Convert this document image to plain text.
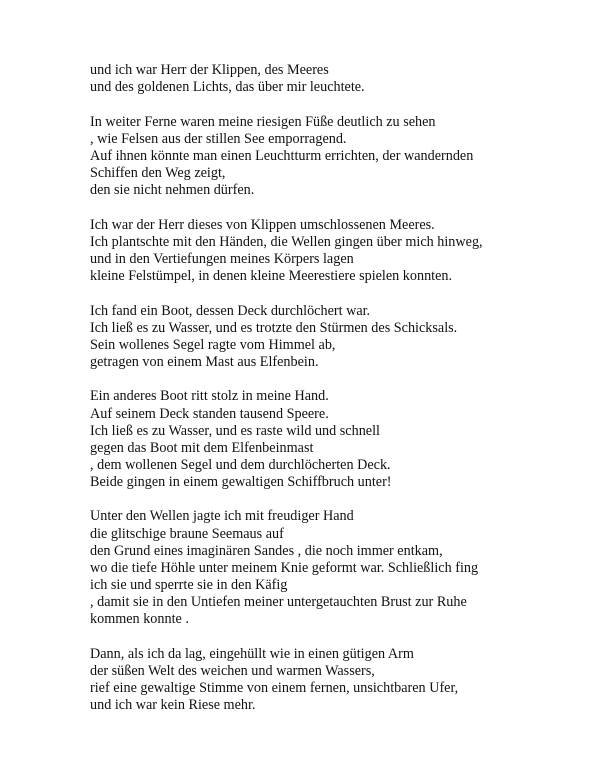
und ich war Herr der Klippen, des Meeres
und des goldenen Lichts, das über mir leuchtete.
In weiter Ferne waren meine riesigen Füße deutlich zu sehen
, wie Felsen aus der stillen See emporragend.
Auf ihnen könnte man einen Leuchtturm errichten, der wandernden
Schiffen den Weg zeigt,
den sie nicht nehmen dürfen.
Ich war der Herr dieses von Klippen umschlossenen Meeres.
Ich plantschte mit den Händen, die Wellen gingen über mich hinweg,
und in den Vertiefungen meines Körpers lagen
kleine Felstümpel, in denen kleine Meerestiere spielen konnten.
Ich fand ein Boot, dessen Deck durchlöchert war.
Ich ließ es zu Wasser, und es trotzte den Stürmen des Schicksals.
Sein wollenes Segel ragte vom Himmel ab,
getragen von einem Mast aus Elfenbein.
Ein anderes Boot ritt stolz in meine Hand.
Auf seinem Deck standen tausend Speere.
Ich ließ es zu Wasser, und es raste wild und schnell
gegen das Boot mit dem Elfenbeinmast
, dem wollenen Segel und dem durchlöcherten Deck.
Beide gingen in einem gewaltigen Schiffbruch unter!
Unter den Wellen jagte ich mit freudiger Hand
die glitschige braune Seemaus auf
den Grund eines imaginären Sandes , die noch immer entkam,
wo die tiefe Höhle unter meinem Knie geformt war. Schließlich fing
ich sie und sperrte sie in den Käfig
, damit sie in den Untiefen meiner untergetauchten Brust zur Ruhe
kommen konnte .
Dann, als ich da lag, eingehüllt wie in einen gütigen Arm
der süßen Welt des weichen und warmen Wassers,
rief eine gewaltige Stimme von einem fernen, unsichtbaren Ufer,
und ich war kein Riese mehr.
